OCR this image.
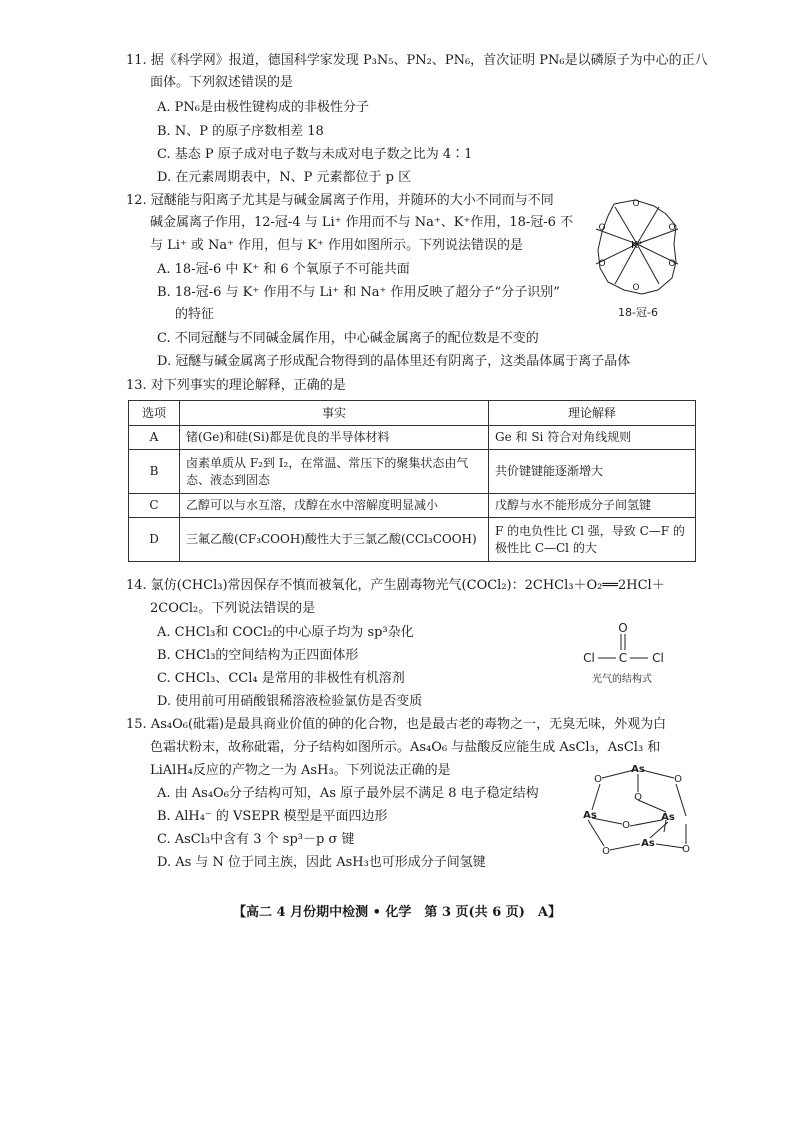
11. 据《科学网》报道，德国科学家发现 P₃N₅、PN₂、PN₆，首次证明 PN₆是以磷原子为中心的正八
面体。下列叙述错误的是
A. PN₆是由极性键构成的非极性分子
B. N、P 的原子序数相差 18
C. 基态 P 原子成对电子数与未成对电子数之比为 4∶1
D. 在元素周期表中，N、P 元素都位于 p 区
12. 冠醚能与阳离子尤其是与碱金属离子作用，并随环的大小不同而与不同
碱金属离子作用，12-冠-4 与 Li⁺ 作用而不与 Na⁺、K⁺作用，18-冠-6 不
与 Li⁺ 或 Na⁺ 作用，但与 K⁺ 作用如图所示。下列说法错误的是
A. 18-冠-6 中 K⁺ 和 6 个氧原子不可能共面
B. 18-冠-6 与 K⁺ 作用不与 Li⁺ 和 Na⁺ 作用反映了超分子“分子识别”
的特征
C. 不同冠醚与不同碱金属作用，中心碱金属离子的配位数是不变的
D. 冠醚与碱金属离子形成配合物得到的晶体里还有阴离子，这类晶体属于离子晶体
O
O
O
O
O
O
K⁺
18-冠-6
13. 对下列事实的理论解释，正确的是
选项	事实	理论解释
A	锗(Ge)和硅(Si)都是优良的半导体材料	Ge 和 Si 符合对角线规则
B	卤素单质从 F₂到 I₂，在常温、常压下的聚集状态由气态、液态到固态	共价键键能逐渐增大
C	乙醇可以与水互溶，戊醇在水中溶解度明显减小	戊醇与水不能形成分子间氢键
D	三氟乙酸(CF₃COOH)酸性大于三氯乙酸(CCl₃COOH)	F 的电负性比 Cl 强，导致 C—F 的极性比 C—Cl 的大
14. 氯仿(CHCl₃)常因保存不慎而被氧化，产生剧毒物光气(COCl₂)：2CHCl₃＋O₂══2HCl＋
2COCl₂。下列说法错误的是
A. CHCl₃和 COCl₂的中心原子均为 sp³杂化
B. CHCl₃的空间结构为正四面体形
C. CHCl₃、CCl₄ 是常用的非极性有机溶剂
D. 使用前可用硝酸银稀溶液检验氯仿是否变质
O
C
Cl	Cl
光气的结构式
15. As₄O₆(砒霜)是最具商业价值的砷的化合物，也是最古老的毒物之一，无臭无味，外观为白
色霜状粉末，故称砒霜，分子结构如图所示。As₄O₆ 与盐酸反应能生成 AsCl₃，AsCl₃ 和
LiAlH₄反应的产物之一为 AsH₃。下列说法正确的是
A. 由 As₄O₆分子结构可知，As 原子最外层不满足 8 电子稳定结构
B. AlH₄⁻ 的 VSEPR 模型是平面四边形
C. AsCl₃中含有 3 个 sp³－p σ 键
D. As 与 N 位于同主族，因此 AsH₃也可形成分子间氢键
As
As	As
As
O	O
O
O
O	O
【高二 4 月份期中检测 • 化学　第 3 页(共 6 页)　A】
